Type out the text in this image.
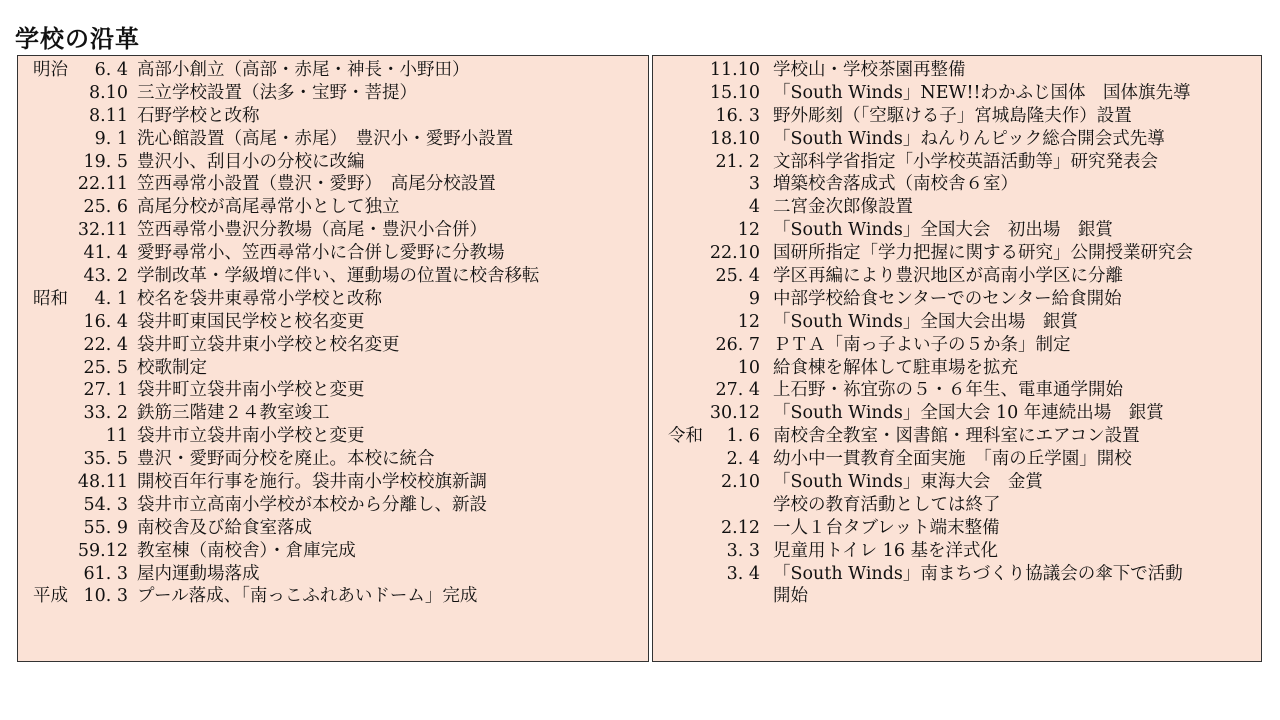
学校の沿革
明治	6. 4 高部小創立（高部・赤尾・神長・小野田）
8.10 三立学校設置（法多・宝野・菩提）
8.11 石野学校と改称
9. 1 洗心館設置（高尾・赤尾）　豊沢小・愛野小設置
19. 5 豊沢小、刮目小の分校に改編
22.11 笠西尋常小設置（豊沢・愛野）　高尾分校設置
25. 6 高尾分校が高尾尋常小として独立
32.11 笠西尋常小豊沢分教場（高尾・豊沢小合併）
41. 4 愛野尋常小、笠西尋常小に合併し愛野に分教場
43. 2 学制改革・学級増に伴い、運動場の位置に校舎移転
昭和	4. 1 校名を袋井東尋常小学校と改称
16. 4 袋井町東国民学校と校名変更
22. 4 袋井町立袋井東小学校と校名変更
25. 5 校歌制定
27. 1 袋井町立袋井南小学校と変更
33. 2 鉄筋三階建２４教室竣工
11 袋井市立袋井南小学校と変更
35. 5 豊沢・愛野両分校を廃止。本校に統合
48.11 開校百年行事を施行。袋井南小学校校旗新調
54. 3 袋井市立高南小学校が本校から分離し、新設
55. 9 南校舎及び給食室落成
59.12 教室棟（南校舎）・倉庫完成
61. 3 屋内運動場落成
平成 10. 3 プール落成、「南っこふれあいドーム」完成
11.10 学校山・学校茶園再整備
15.10 「South Winds」NEW!!わかふじ国体　国体旗先導
16. 3 野外彫刻（「空駆ける子」宮城島隆夫作）設置
18.10 「South Winds」ねんりんピック総合開会式先導
21. 2 文部科学省指定「小学校英語活動等」研究発表会
3 増築校舎落成式（南校舎６室）
4 二宮金次郎像設置
12 「South Winds」全国大会　初出場　銀賞
22.10 国研所指定「学力把握に関する研究」公開授業研究会
25. 4 学区再編により豊沢地区が高南小学区に分離
9 中部学校給食センターでのセンター給食開始
12 「South Winds」全国大会出場　銀賞
26. 7 ＰＴＡ「南っ子よい子の５か条」制定
10 給食棟を解体して駐車場を拡充
27. 4 上石野・袮宜弥の５・６年生、電車通学開始
30.12 「South Winds」全国大会 10 年連続出場　銀賞
令和	1. 6 南校舎全教室・図書館・理科室にエアコン設置
2. 4 幼小中一貫教育全面実施　「南の丘学園」開校
2.10 「South Winds」東海大会　金賞
学校の教育活動としては終了
2.12 一人１台タブレット端末整備
3. 3 児童用トイレ 16 基を洋式化
3. 4 「South Winds」南まちづくり協議会の傘下で活動
開始
